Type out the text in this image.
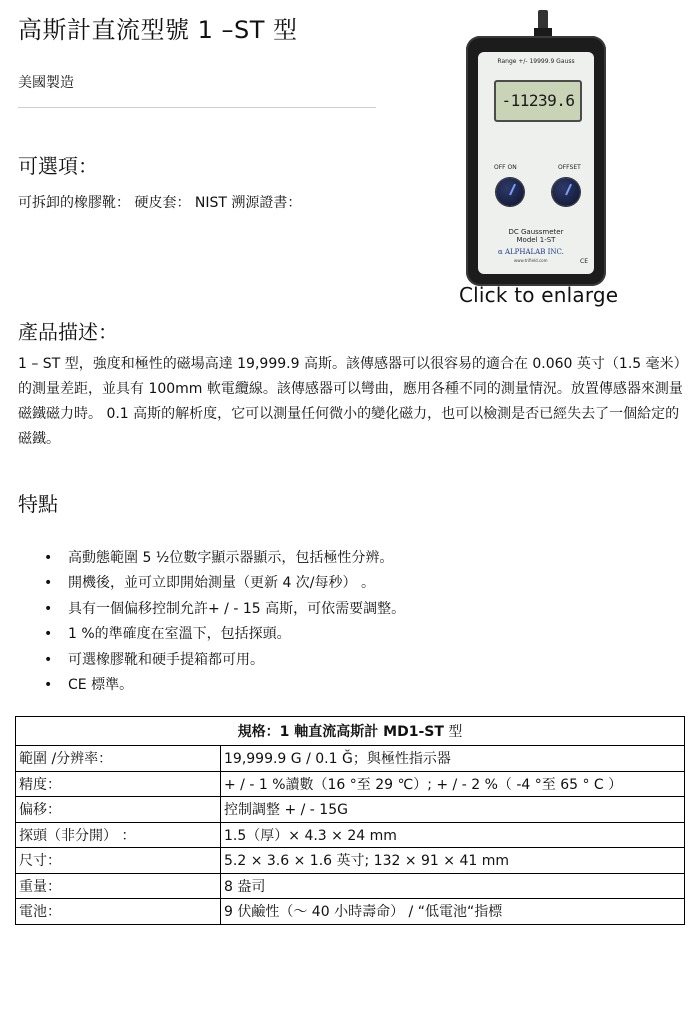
高斯計直流型號 1 –ST 型
美國製造
可選項：
可拆卸的橡膠靴： 硬皮套： NIST 溯源證書：
Range +/- 19999.9 Gauss
-11239.6
OFF ON	OFFSET
DC Gaussmeter
Model 1-ST
α ALPHALAB INC.
www.trifield.com	CE
Click to enlarge
產品描述：

1 – ST 型，強度和極性的磁場高達 19,999.9 高斯。該傳感器可以很容易的適合在 0.060 英寸（1.5 毫米）的測量差距，並具有 100mm 軟電纜線。該傳感器可以彎曲，應用各種不同的測量情況。放置傳感器來測量磁鐵磁力時。 0.1 高斯的解析度，它可以測量任何微小的變化磁力，也可以檢測是否已經失去了一個給定的磁鐵。

特點
• 高動態範圍 5 ½位數字顯示器顯示，包括極性分辨。
• 開機後，並可立即開始測量（更新 4 次/每秒） 。
• 具有一個偏移控制允許+ / - 15 高斯，可依需要調整。
• 1 %的準確度在室溫下，包括探頭。
• 可選橡膠靴和硬手提箱都可用。
• CE 標準。
規格：1 軸直流高斯計 MD1-ST 型	
範圍 /分辨率：	19,999.9 G / 0.1 Ğ；與極性指示器
精度：	+ / - 1 %讀數（16 °至 29 ℃）; + / - 2 %（ -4 °至 65 ° C ）
偏移：	控制調整 + / - 15G
探頭（非分開） ：	1.5（厚）× 4.3 × 24 mm
尺寸：	5.2 × 3.6 × 1.6 英寸; 132 × 91 × 41 mm
重量：	8 盎司
電池：	9 伏鹼性（～ 40 小時壽命） / “低電池“指標
